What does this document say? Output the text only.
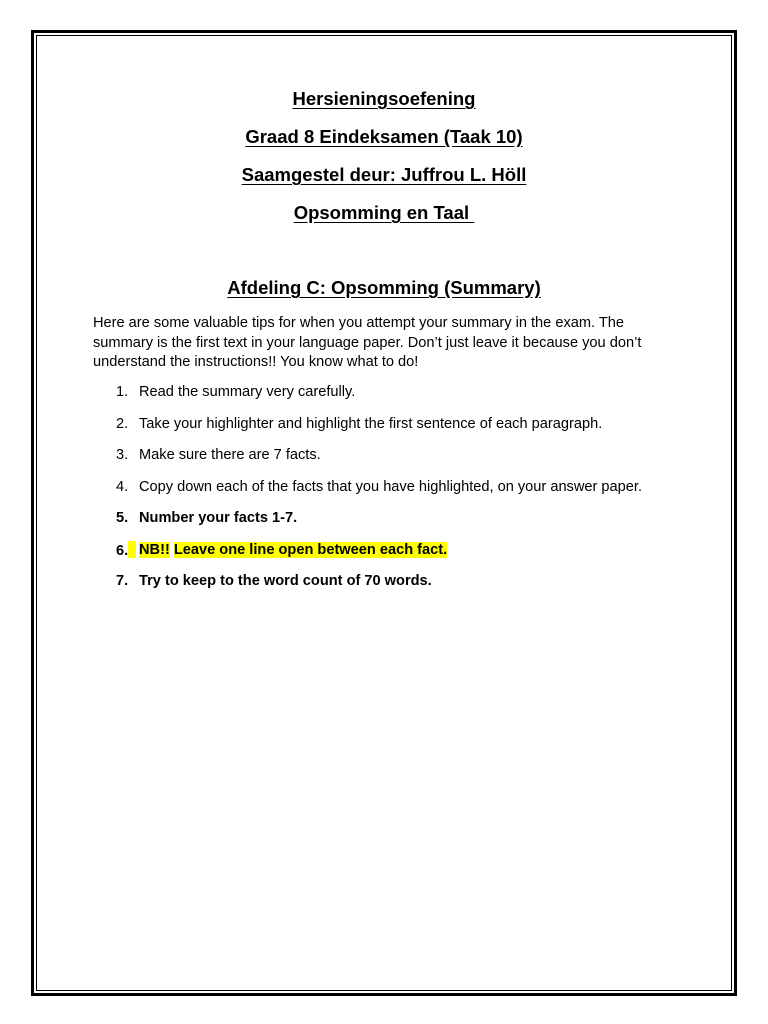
Hersieningsoefening
Graad 8 Eindeksamen (Taak 10)
Saamgestel deur: Juffrou L. Höll
Opsomming en Taal
Afdeling C: Opsomming (Summary)
Here are some valuable tips for when you attempt your summary in the exam. The summary is the first text in your language paper. Don’t just leave it because you don’t understand the instructions!! You know what to do!
1. Read the summary very carefully.
2. Take your highlighter and highlight the first sentence of each paragraph.
3. Make sure there are 7 facts.
4. Copy down each of the facts that you have highlighted, on your answer paper.
5. Number your facts 1-7.
6. NB!! Leave one line open between each fact.
7. Try to keep to the word count of 70 words.
